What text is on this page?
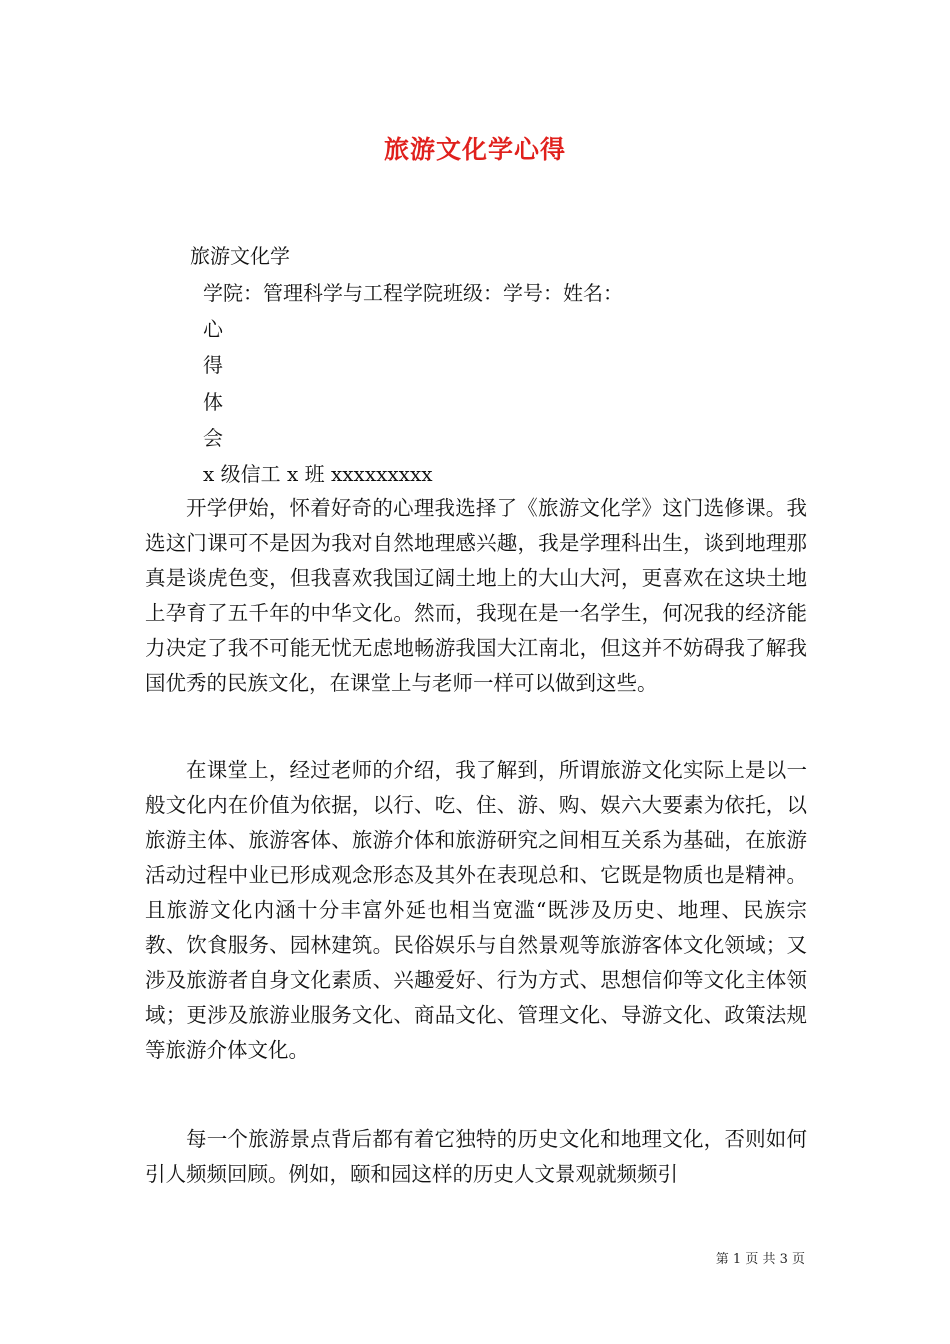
旅游文化学心得
旅游文化学
学院：管理科学与工程学院班级：学号：姓名：
心
得
体
会
x 级信工 x 班 xxxxxxxxx

开学伊始，怀着好奇的心理我选择了《旅游文化学》这门选修课。我选这门课可不是因为我对自然地理感兴趣，我是学理科出生，谈到地理那真是谈虎色变，但我喜欢我国辽阔土地上的大山大河，更喜欢在这块土地上孕育了五千年的中华文化。然而，我现在是一名学生，何况我的经济能力决定了我不可能无忧无虑地畅游我国大江南北，但这并不妨碍我了解我国优秀的民族文化，在课堂上与老师一样可以做到这些。

在课堂上，经过老师的介绍，我了解到，所谓旅游文化实际上是以一般文化内在价值为依据，以行、吃、住、游、购、娱六大要素为依托，以旅游主体、旅游客体、旅游介体和旅游研究之间相互关系为基础，在旅游活动过程中业已形成观念形态及其外在表现总和、它既是物质也是精神。且旅游文化内涵十分丰富外延也相当宽滥“既涉及历史、地理、民族宗教、饮食服务、园林建筑。民俗娱乐与自然景观等旅游客体文化领域；又涉及旅游者自身文化素质、兴趣爱好、行为方式、思想信仰等文化主体领域；更涉及旅游业服务文化、商品文化、管理文化、导游文化、政策法规等旅游介体文化。

每一个旅游景点背后都有着它独特的历史文化和地理文化，否则如何引人频频回顾。例如，颐和园这样的历史人文景观就频频引

第 1 页 共 3 页
